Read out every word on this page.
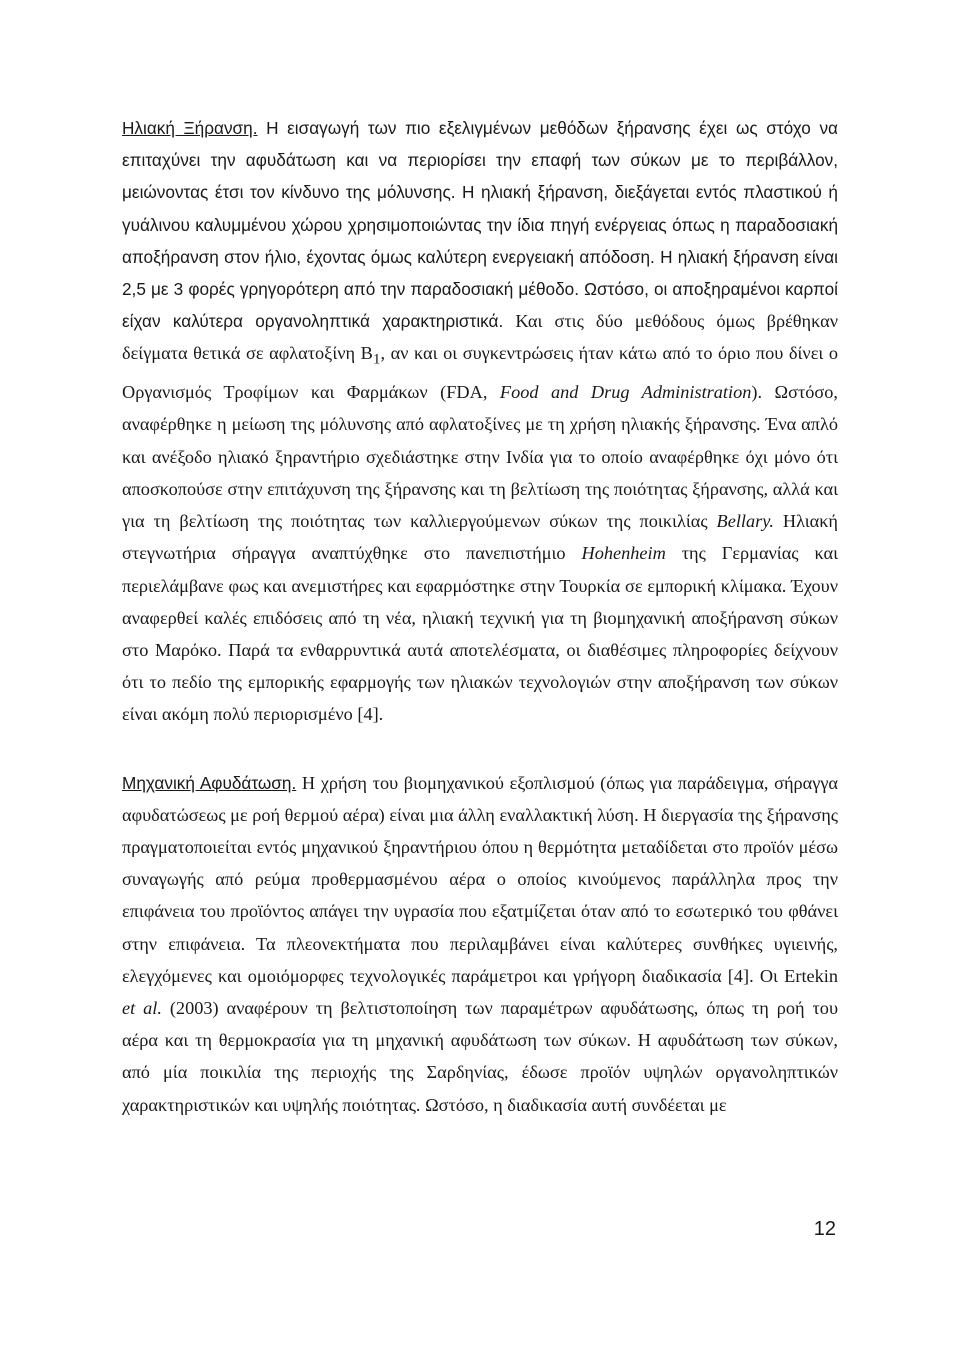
Ηλιακή Ξήρανση. Η εισαγωγή των πιο εξελιγμένων μεθόδων ξήρανσης έχει ως στόχο να επιταχύνει την αφυδάτωση και να περιορίσει την επαφή των σύκων με το περιβάλλον, μειώνοντας έτσι τον κίνδυνο της μόλυνσης. Η ηλιακή ξήρανση, διεξάγεται εντός πλαστικού ή γυάλινου καλυμμένου χώρου χρησιμοποιώντας την ίδια πηγή ενέργειας όπως η παραδοσιακή αποξήρανση στον ήλιο, έχοντας όμως καλύτερη ενεργειακή απόδοση. Η ηλιακή ξήρανση είναι 2,5 με 3 φορές γρηγορότερη από την παραδοσιακή μέθοδο. Ωστόσο, οι αποξηραμένοι καρποί είχαν καλύτερα οργανοληπτικά χαρακτηριστικά. Και στις δύο μεθόδους όμως βρέθηκαν δείγματα θετικά σε αφλατοξίνη $B_1$, αν και οι συγκεντρώσεις ήταν κάτω από το όριο που δίνει ο Οργανισμός Τροφίμων και Φαρμάκων (FDA, Food and Drug Administration). Ωστόσο, αναφέρθηκε η μείωση της μόλυνσης από αφλατοξίνες με τη χρήση ηλιακής ξήρανσης. Ένα απλό και ανέξοδο ηλιακό ξηραντήριο σχεδιάστηκε στην Ινδία για το οποίο αναφέρθηκε όχι μόνο ότι αποσκοπούσε στην επιτάχυνση της ξήρανσης και τη βελτίωση της ποιότητας ξήρανσης, αλλά και για τη βελτίωση της ποιότητας των καλλιεργούμενων σύκων της ποικιλίας Bellary. Ηλιακή στεγνωτήρια σήραγγα αναπτύχθηκε στο πανεπιστήμιο Hohenheim της Γερμανίας και περιελάμβανε φως και ανεμιστήρες και εφαρμόστηκε στην Τουρκία σε εμπορική κλίμακα. Έχουν αναφερθεί καλές επιδόσεις από τη νέα, ηλιακή τεχνική για τη βιομηχανική αποξήρανση σύκων στο Μαρόκο. Παρά τα ενθαρρυντικά αυτά αποτελέσματα, οι διαθέσιμες πληροφορίες δείχνουν ότι το πεδίο της εμπορικής εφαρμογής των ηλιακών τεχνολογιών στην αποξήρανση των σύκων είναι ακόμη πολύ περιορισμένο [4].

Μηχανική Αφυδάτωση. Η χρήση του βιομηχανικού εξοπλισμού (όπως για παράδειγμα, σήραγγα αφυδατώσεως με ροή θερμού αέρα) είναι μια άλλη εναλλακτική λύση. Η διεργασία της ξήρανσης πραγματοποιείται εντός μηχανικού ξηραντήριου όπου η θερμότητα μεταδίδεται στο προϊόν μέσω συναγωγής από ρεύμα προθερμασμένου αέρα ο οποίος κινούμενος παράλληλα προς την επιφάνεια του προϊόντος απάγει την υγρασία που εξατμίζεται όταν από το εσωτερικό του φθάνει στην επιφάνεια. Τα πλεονεκτήματα που περιλαμβάνει είναι καλύτερες συνθήκες υγιεινής, ελεγχόμενες και ομοιόμορφες τεχνολογικές παράμετροι και γρήγορη διαδικασία [4]. Οι Ertekin et al. (2003) αναφέρουν τη βελτιστοποίηση των παραμέτρων αφυδάτωσης, όπως τη ροή του αέρα και τη θερμοκρασία για τη μηχανική αφυδάτωση των σύκων. Η αφυδάτωση των σύκων, από μία ποικιλία της περιοχής της Σαρδηνίας, έδωσε προϊόν υψηλών οργανοληπτικών χαρακτηριστικών και υψηλής ποιότητας. Ωστόσο, η διαδικασία αυτή συνδέεται με

12
